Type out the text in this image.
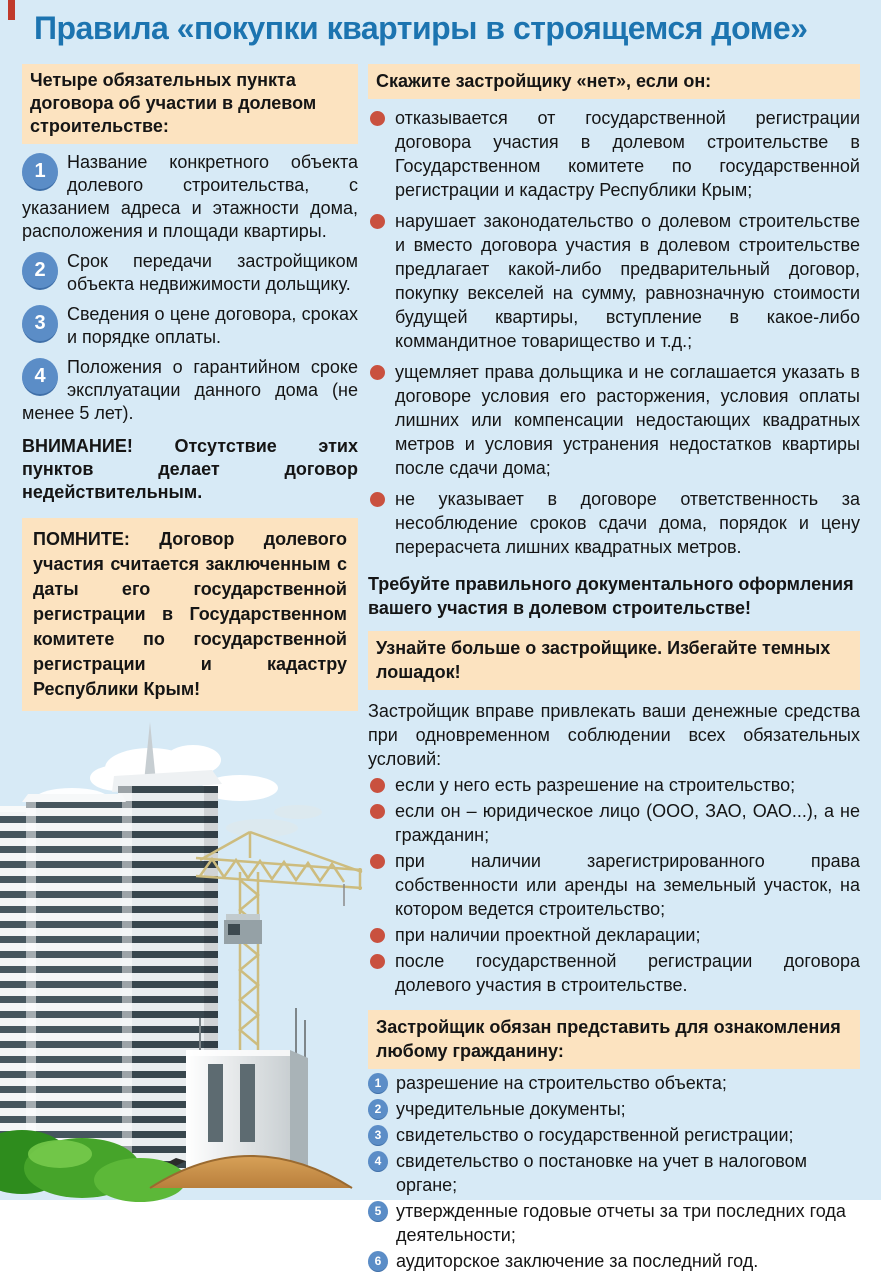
Правила «покупки квартиры в строящемся доме»
Четыре обязательных пункта договора об участии в долевом строительстве:
1	Название конкретного объекта долевого строительства, с указанием адреса и этажности дома, расположения и площади квартиры.
2	Срок передачи застройщиком объекта недвижимости дольщику.
3	Сведения о цене договора, сроках и порядке оплаты.
4	Положения о гарантийном сроке эксплуатации данного дома (не менее 5 лет).
ВНИМАНИЕ! Отсутствие этих пунктов делает договор недействительным.
ПОМНИТЕ: Договор долевого участия считается заключенным с даты его государственной регистрации в Государственном комитете по государственной регистрации и кадастру Республики Крым!
Скажите застройщику «нет», если он:
отказывается от государственной регистрации договора участия в долевом строительстве в Государственном комитете по государственной регистрации и кадастру Республики Крым;
нарушает законодательство о долевом строительстве и вместо договора участия в долевом строительстве предлагает какой-либо предварительный договор, покупку векселей на сумму, равнозначную стоимости будущей квартиры, вступление в какое-либо коммандитное товарищество и т.д.;
ущемляет права дольщика и не соглашается указать в договоре условия его расторжения, условия оплаты лишних или компенсации недостающих квадратных метров и условия устранения недостатков квартиры после сдачи дома;
не указывает в договоре ответственность за несоблюдение сроков сдачи дома, порядок и цену перерасчета лишних квадратных метров.
Требуйте правильного документального оформления вашего участия в долевом строительстве!
Узнайте больше о застройщике. Избегайте темных лошадок!
Застройщик вправе привлекать ваши денежные средства при одновременном соблюдении всех обязательных условий:
если у него есть разрешение на строительство;
если он – юридическое лицо (ООО, ЗАО, ОАО...), а не гражданин;
при наличии зарегистрированного права собственности или аренды на земельный участок, на котором ведется строительство;
при наличии проектной декларации;
после государственной регистрации договора долевого участия в строительстве.
Застройщик обязан представить для ознакомления любому гражданину:
1 разрешение на строительство объекта;
2 учредительные документы;
3 свидетельство о государственной регистрации;
4 свидетельство о постановке на учет в налоговом органе;
5 утвержденные годовые отчеты за три последних года деятельности;
6 аудиторское заключение за последний год.
